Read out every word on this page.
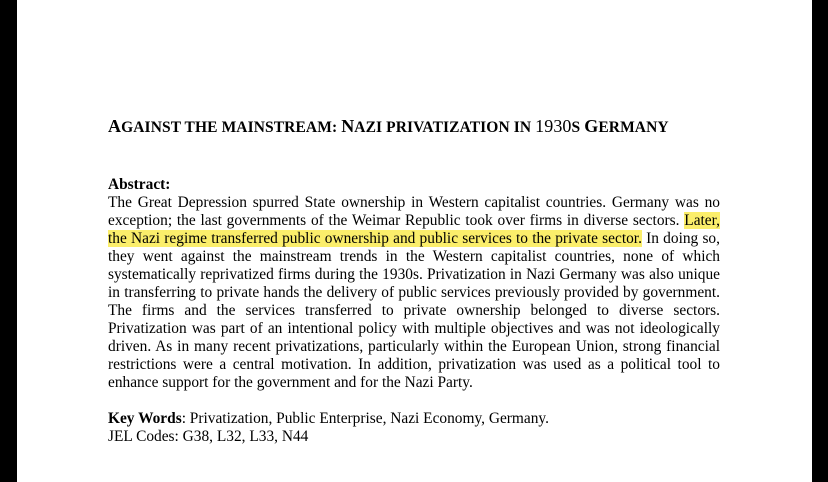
AGAINST THE MAINSTREAM: NAZI PRIVATIZATION IN 1930S GERMANY
Abstract:
The Great Depression spurred State ownership in Western capitalist countries. Germany was no exception; the last governments of the Weimar Republic took over firms in diverse sectors. Later, the Nazi regime transferred public ownership and public services to the private sector. In doing so, they went against the mainstream trends in the Western capitalist countries, none of which systematically reprivatized firms during the 1930s. Privatization in Nazi Germany was also unique in transferring to private hands the delivery of public services previously provided by government. The firms and the services transferred to private ownership belonged to diverse sectors. Privatization was part of an intentional policy with multiple objectives and was not ideologically driven. As in many recent privatizations, particularly within the European Union, strong financial restrictions were a central motivation. In addition, privatization was used as a political tool to enhance support for the government and for the Nazi Party.
Key Words: Privatization, Public Enterprise, Nazi Economy, Germany.
JEL Codes: G38, L32, L33, N44
